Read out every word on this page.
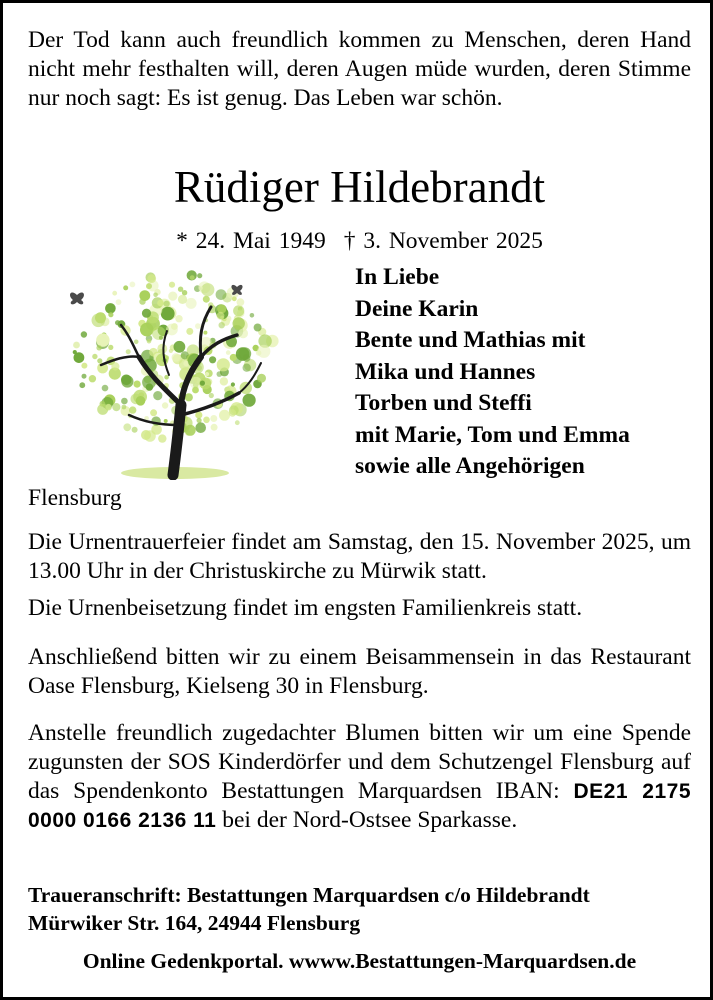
Der Tod kann auch freundlich kommen zu Menschen, deren Hand nicht mehr festhalten will, deren Augen müde wurden, deren Stimme nur noch sagt: Es ist genug. Das Leben war schön.

Rüdiger Hildebrandt

* 24. Mai 1949 † 3. November 2025

In Liebe
Deine Karin
Bente und Mathias mit
Mika und Hannes
Torben und Steffi
mit Marie, Tom und Emma
sowie alle Angehörigen

Flensburg

Die Urnentrauerfeier findet am Samstag, den 15. November 2025, um 13.00 Uhr in der Christuskirche zu Mürwik statt.

Die Urnenbeisetzung findet im engsten Familienkreis statt.

Anschließend bitten wir zu einem Beisammensein in das Restaurant Oase Flensburg, Kielseng 30 in Flensburg.

Anstelle freundlich zugedachter Blumen bitten wir um eine Spende zugunsten der SOS Kinderdörfer und dem Schutzengel Flensburg auf das Spendenkonto Bestattungen Marquardsen IBAN: DE21 2175 0000 0166 2136 11 bei der Nord-Ostsee Sparkasse.

Traueranschrift: Bestattungen Marquardsen c/o Hildebrandt
Mürwiker Str. 164, 24944 Flensburg
Online Gedenkportal. wwww.Bestattungen-Marquardsen.de
